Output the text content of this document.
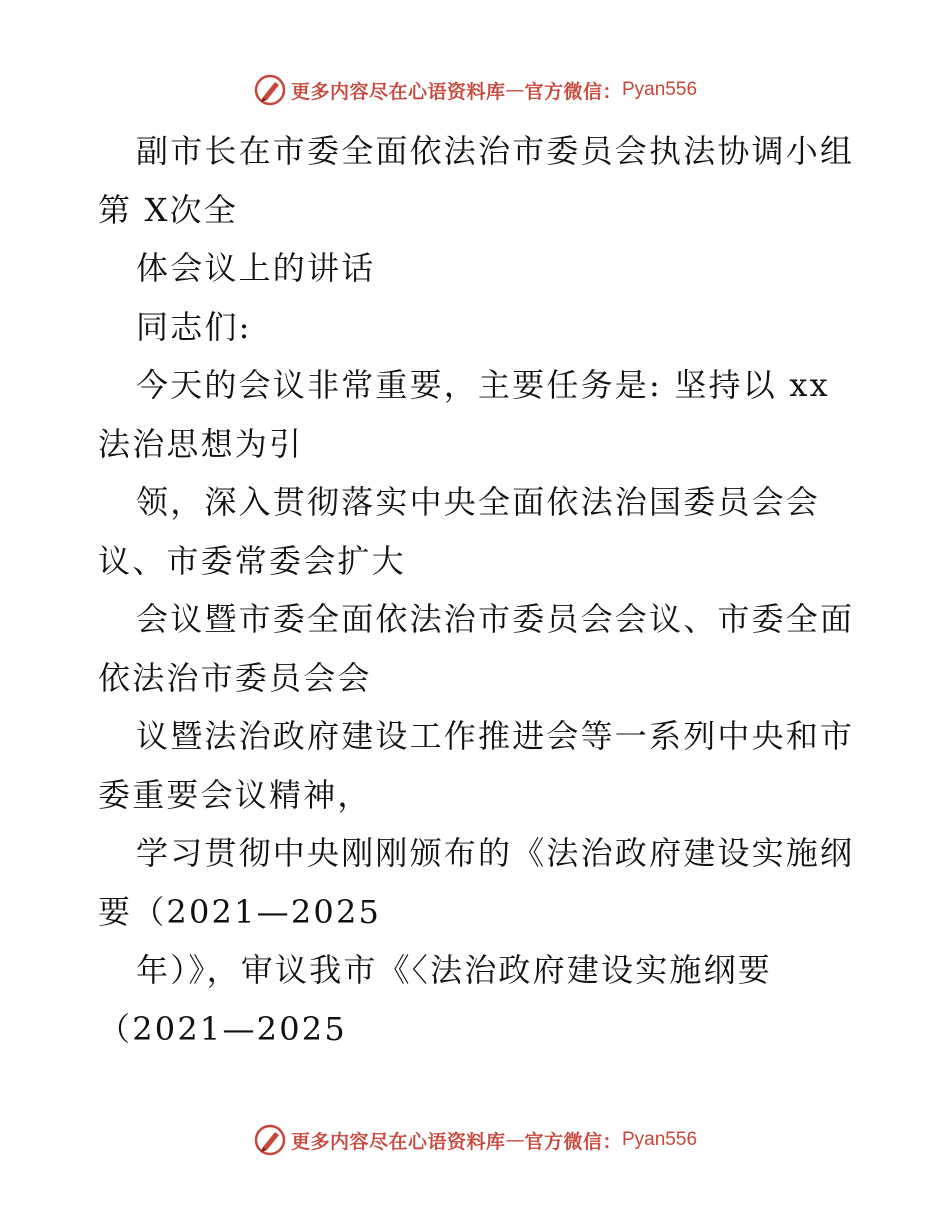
更多内容尽在心语资料库 — 官方微信： Pyan556
副市长在市委全面依法治市委员会执法协调小组
第 X次全
体会议上的讲话
同志们:
今天的会议非常重要，主要任务是: 坚持以 xx
法治思想为引
领，深入贯彻落实中央全面依法治国委员会会
议、市委常委会扩大
会议暨市委全面依法治市委员会会议、市委全面
依法治市委员会会
议暨法治政府建设工作推进会等一系列中央和市
委重要会议精神，
学习贯彻中央刚刚颁布的《法治政府建设实施纲
要（2021—2025
年）》，审议我市《〈法治政府建设实施纲要
（2021—2025
更多内容尽在心语资料库 — 官方微信： Pyan556
